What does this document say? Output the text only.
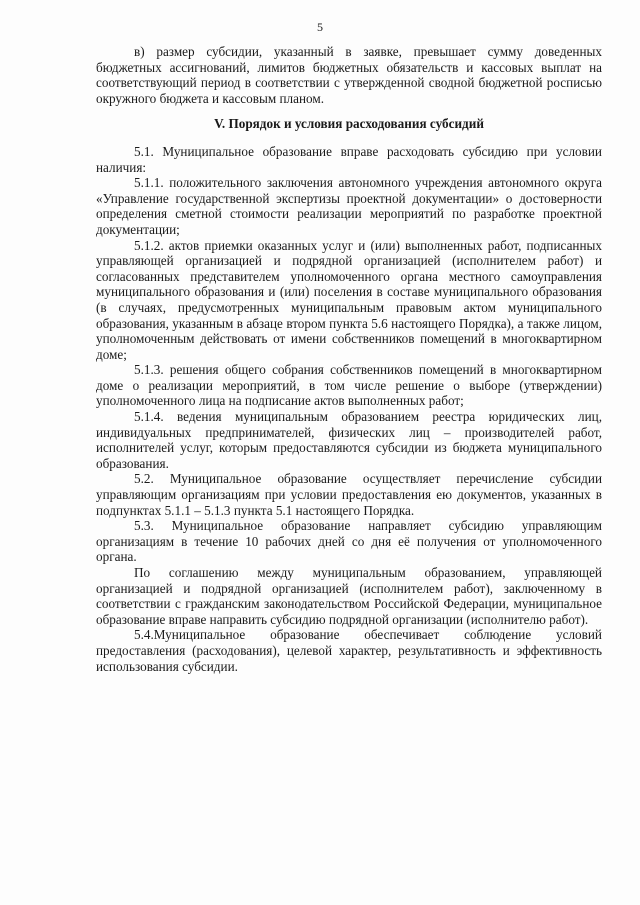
5

в) размер субсидии, указанный в заявке, превышает сумму доведенных бюджетных ассигнований, лимитов бюджетных обязательств и кассовых выплат на соответствующий период в соответствии с утвержденной сводной бюджетной росписью окружного бюджета и кассовым планом.

V. Порядок и условия расходования субсидий

5.1. Муниципальное образование вправе расходовать субсидию при условии наличия:

5.1.1. положительного заключения автономного учреждения автономного округа «Управление государственной экспертизы проектной документации» о достоверности определения сметной стоимости реализации мероприятий по разработке проектной документации;

5.1.2. актов приемки оказанных услуг и (или) выполненных работ, подписанных управляющей организацией и подрядной организацией (исполнителем работ) и согласованных представителем уполномоченного органа местного самоуправления муниципального образования и (или) поселения в составе муниципального образования (в случаях, предусмотренных муниципальным правовым актом муниципального образования, указанным в абзаце втором пункта 5.6 настоящего Порядка), а также лицом, уполномоченным действовать от имени собственников помещений в многоквартирном доме;

5.1.3. решения общего собрания собственников помещений в многоквартирном доме о реализации мероприятий, в том числе решение о выборе (утверждении) уполномоченного лица на подписание актов выполненных работ;

5.1.4. ведения муниципальным образованием реестра юридических лиц, индивидуальных предпринимателей, физических лиц – производителей работ, исполнителей услуг, которым предоставляются субсидии из бюджета муниципального образования.

5.2. Муниципальное образование осуществляет перечисление субсидии управляющим организациям при условии предоставления ею документов, указанных в подпунктах 5.1.1 – 5.1.3 пункта 5.1 настоящего Порядка.

5.3. Муниципальное образование направляет субсидию управляющим организациям в течение 10 рабочих дней со дня её получения от уполномоченного органа.

По соглашению между муниципальным образованием, управляющей организацией и подрядной организацией (исполнителем работ), заключенному в соответствии с гражданским законодательством Российской Федерации, муниципальное образование вправе направить субсидию подрядной организации (исполнителю работ).

5.4.Муниципальное образование обеспечивает соблюдение условий предоставления (расходования), целевой характер, результативность и эффективность использования субсидии.
